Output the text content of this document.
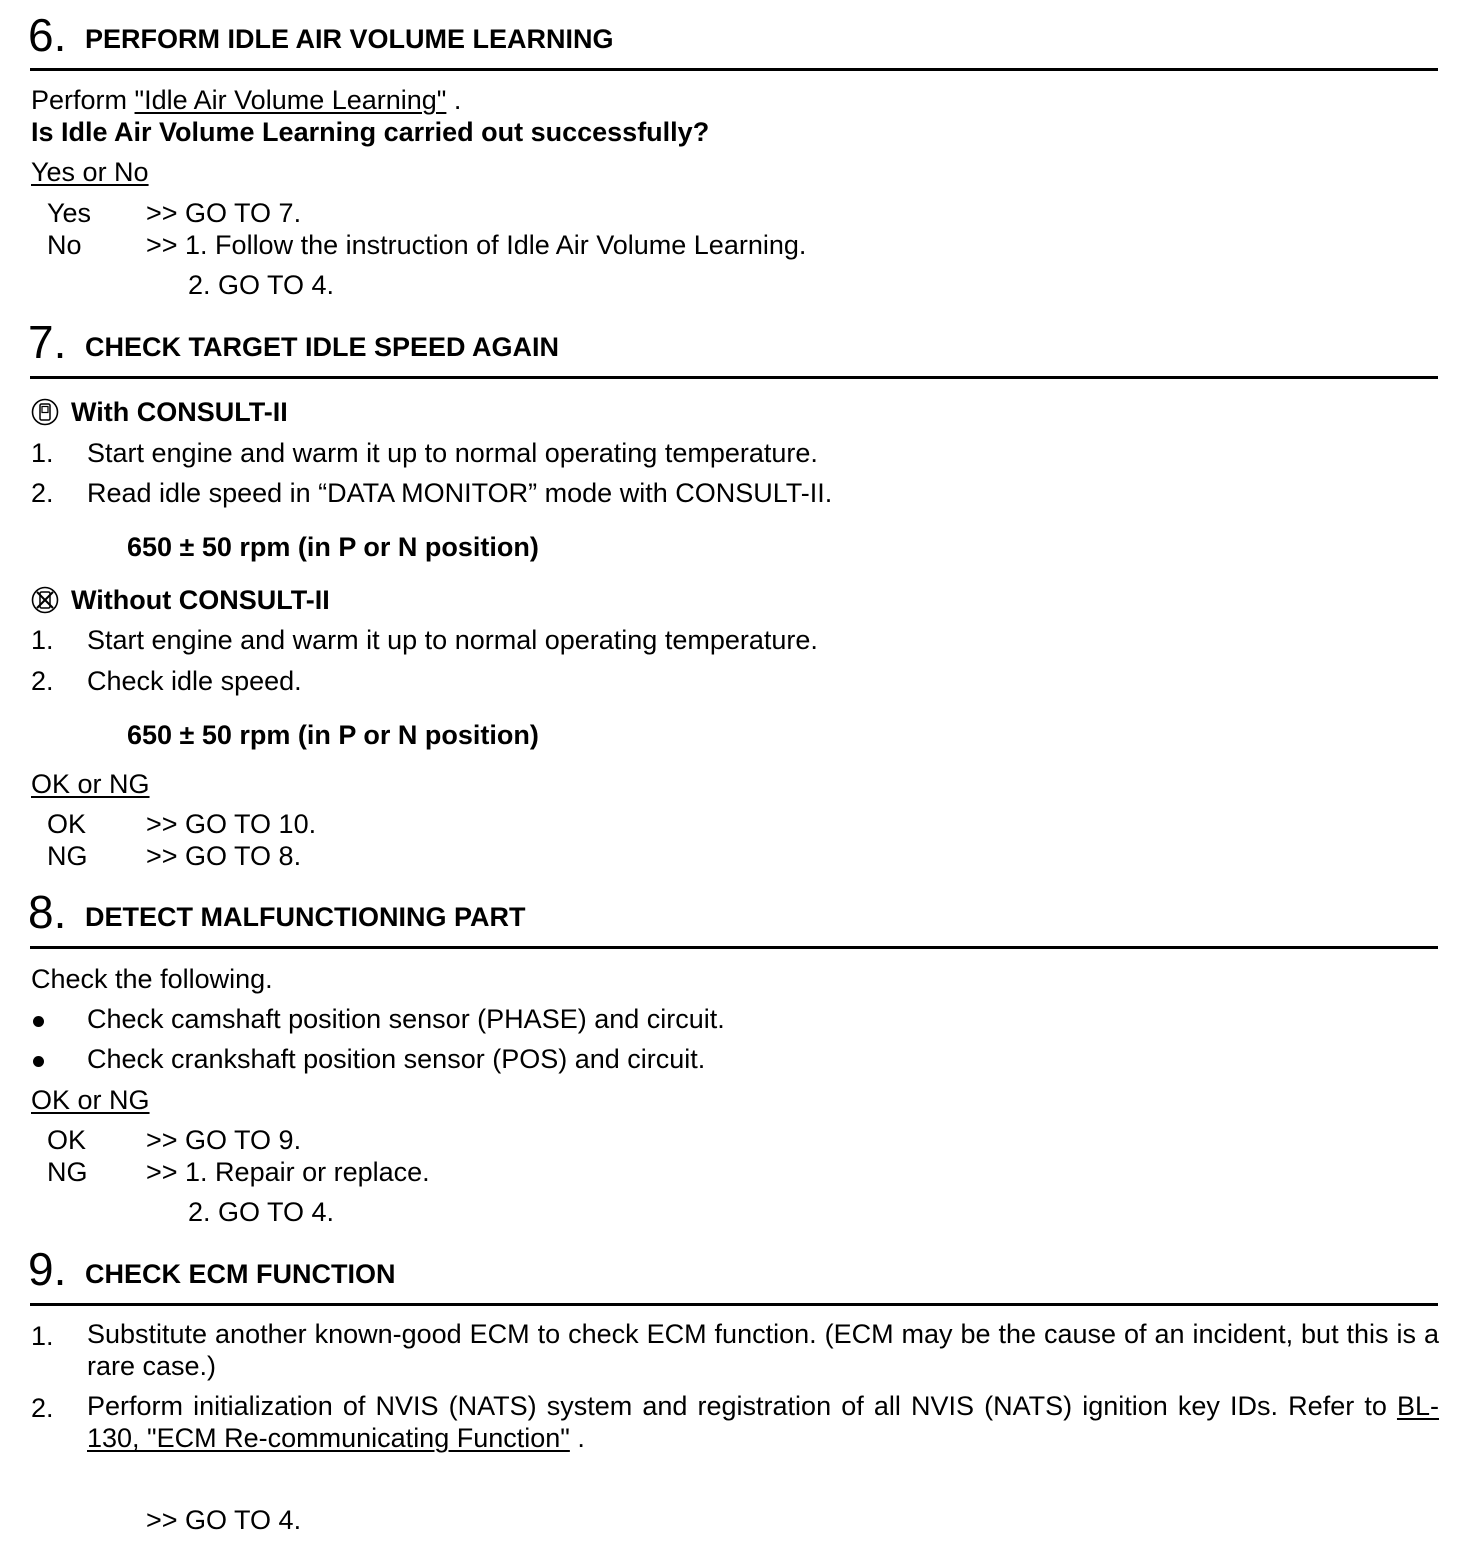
6. PERFORM IDLE AIR VOLUME LEARNING
Perform "Idle Air Volume Learning" .
Is Idle Air Volume Learning carried out successfully?
Yes or No
Yes >> GO TO 7.
No >> 1. Follow the instruction of Idle Air Volume Learning.
2. GO TO 4.
7. CHECK TARGET IDLE SPEED AGAIN
With CONSULT-II
1. Start engine and warm it up to normal operating temperature.
2. Read idle speed in “DATA MONITOR” mode with CONSULT-II.
650 ± 50 rpm (in P or N position)
Without CONSULT-II
1. Start engine and warm it up to normal operating temperature.
2. Check idle speed.
650 ± 50 rpm (in P or N position)
OK or NG
OK >> GO TO 10.
NG >> GO TO 8.
8. DETECT MALFUNCTIONING PART
Check the following.
Check camshaft position sensor (PHASE) and circuit.
Check crankshaft position sensor (POS) and circuit.
OK or NG
OK >> GO TO 9.
NG >> 1. Repair or replace.
2. GO TO 4.
9. CHECK ECM FUNCTION
1. Substitute another known-good ECM to check ECM function. (ECM may be the cause of an incident, but this is a rare case.)
2. Perform initialization of NVIS (NATS) system and registration of all NVIS (NATS) ignition key IDs. Refer to BL-130, "ECM Re-communicating Function" .
>> GO TO 4.
